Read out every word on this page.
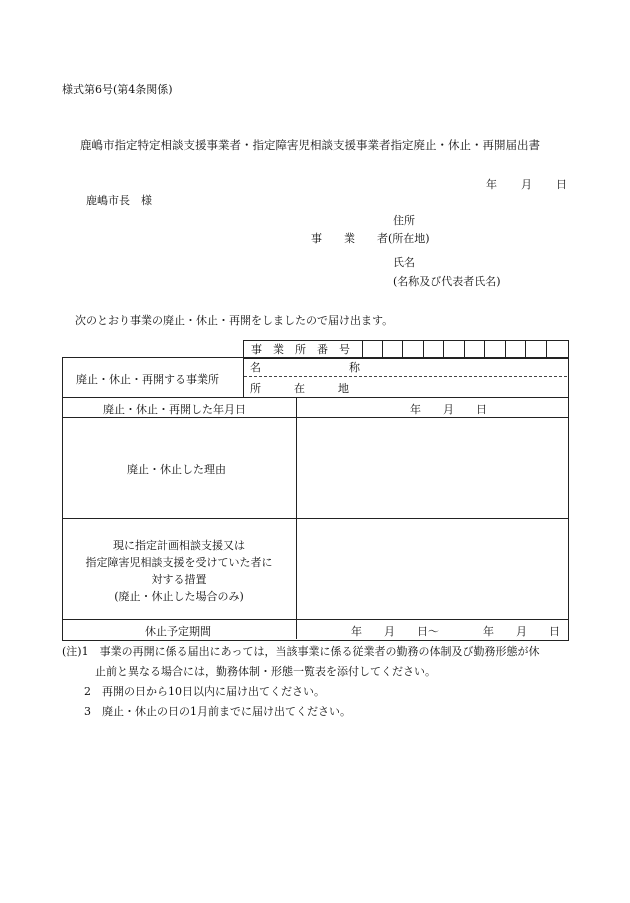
様式第6号(第4条関係)
鹿嶋市指定特定相談支援事業者・指定障害児相談支援事業者指定廃止・休止・再開届出書
年 月 日
鹿嶋市長　様
住所
事　　業　　者(所在地)
氏名
(名称及び代表者氏名)
次のとおり事業の廃止・休止・再開をしましたので届け出ます。
事　業　所　番　号
廃止・休止・再開する事業所
名　　　　　　　　称
所　　　在　　　地
廃止・休止・再開した年月日	年　　月　　日
廃止・休止した理由
現に指定計画相談支援又は
指定障害児相談支援を受けていた者に
対する措置
(廃止・休止した場合のみ)
休止予定期間	年　　月　　日〜　　　　年　　月　　日
(注)1　事業の再開に係る届出にあっては，当該事業に係る従業者の勤務の体制及び勤務形態が休
　　　止前と異なる場合には，勤務体制・形態一覧表を添付してください。
　　2　再開の日から10日以内に届け出てください。
　　3　廃止・休止の日の1月前までに届け出てください。
